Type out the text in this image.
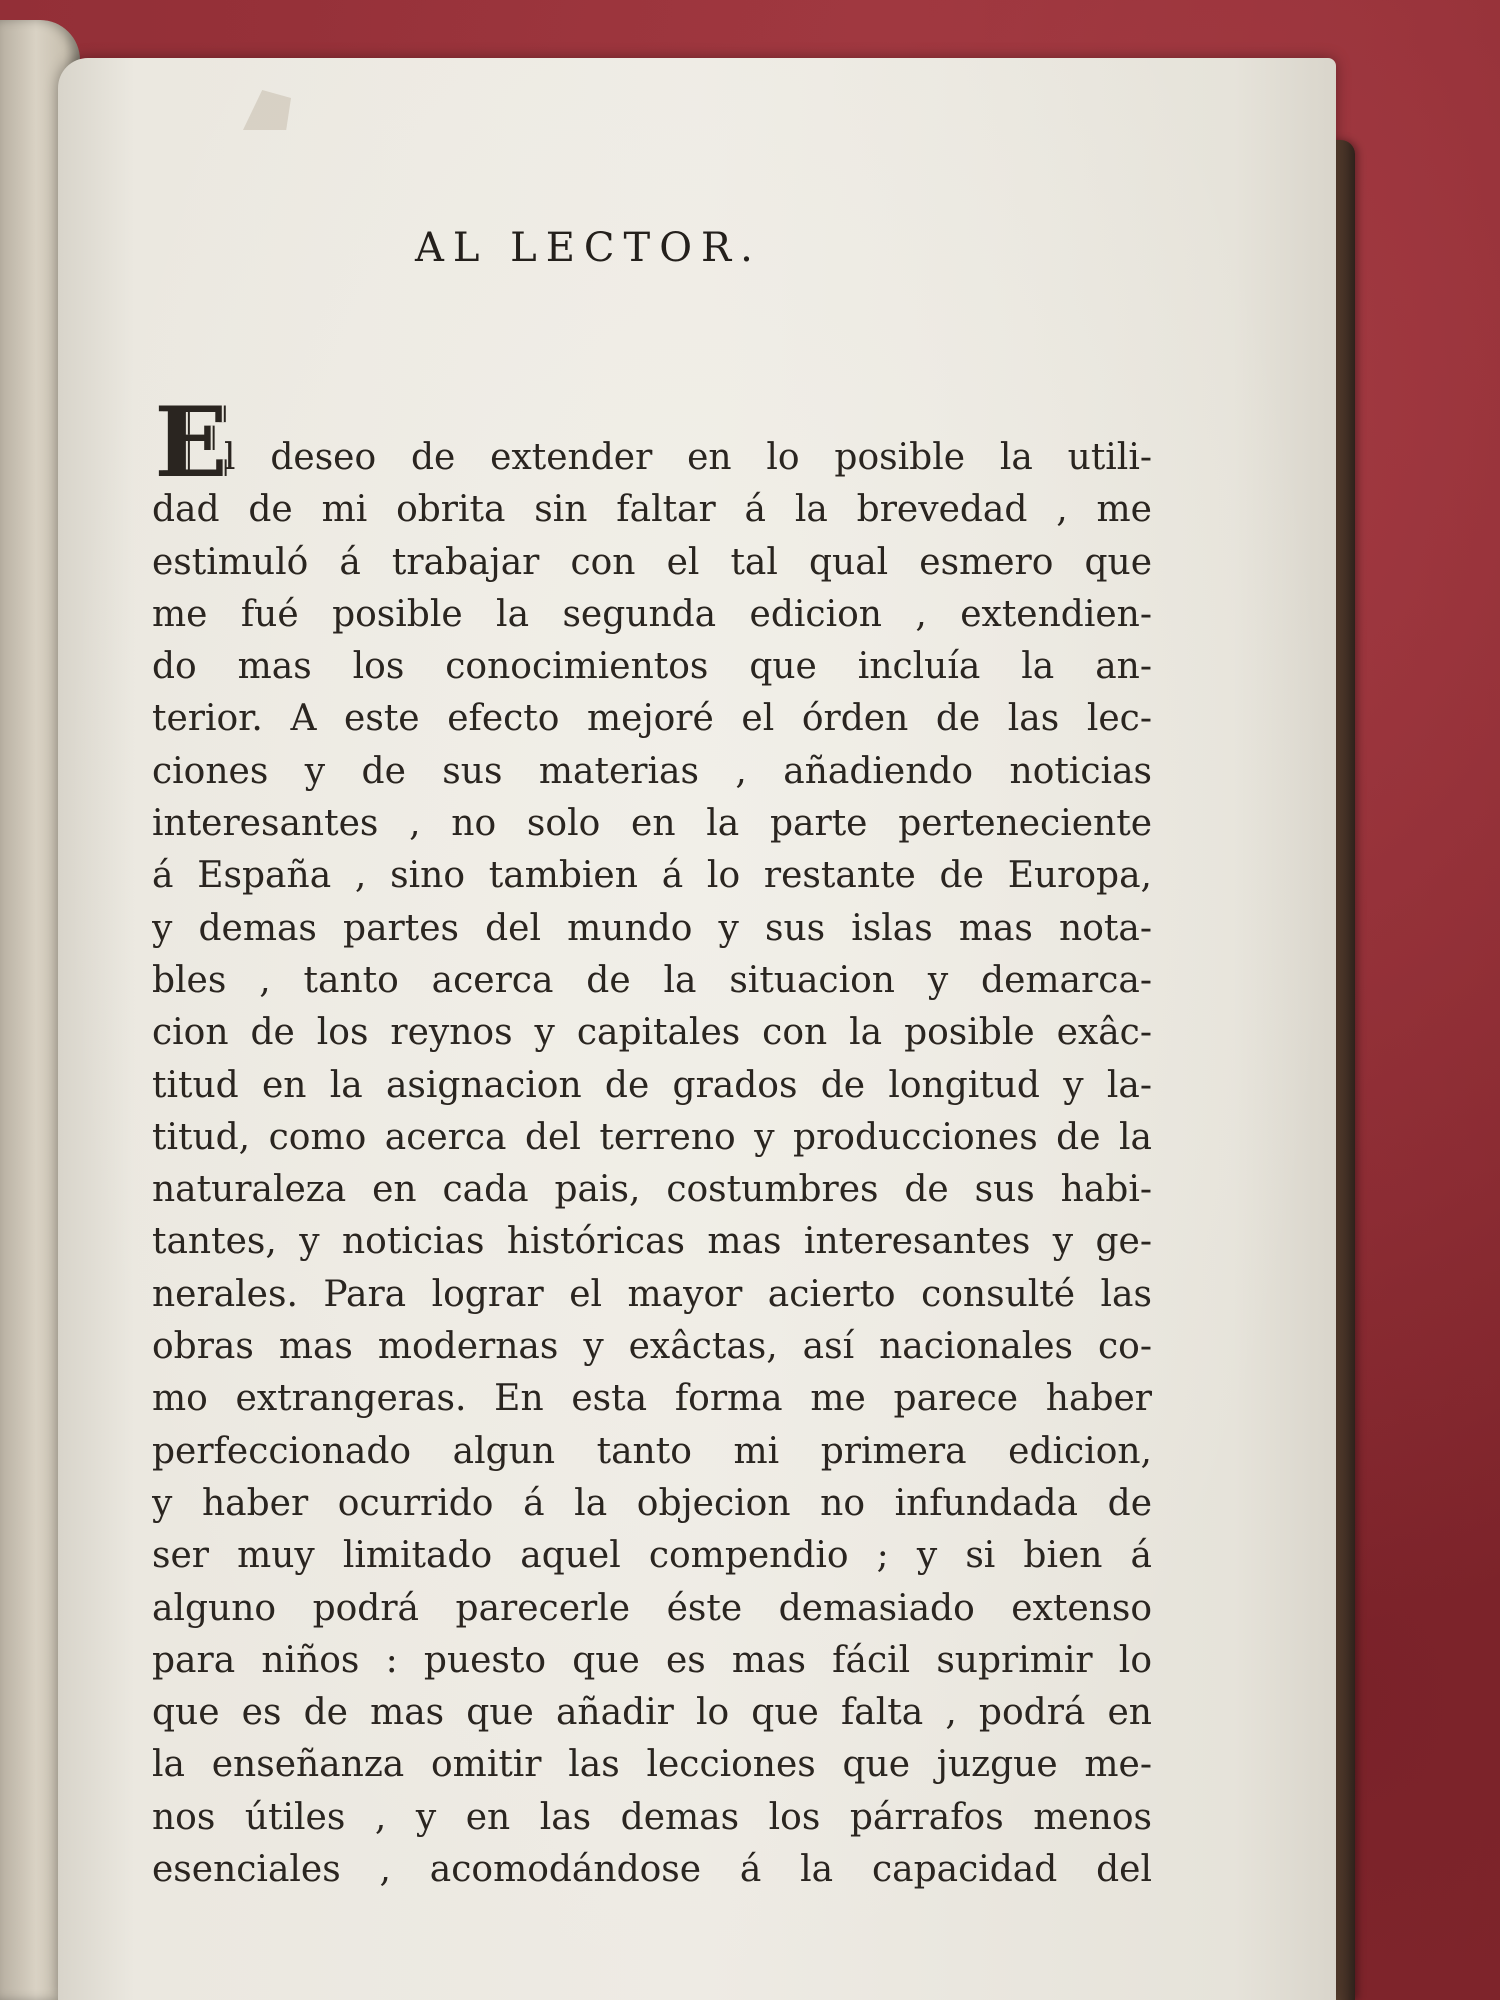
AL LECTOR.
E
l deseo de extender en lo posible la utili-
dad de mi obrita sin faltar á la brevedad , me
estimuló á trabajar con el tal qual esmero que
me fué posible la segunda edicion , extendien-
do mas los conocimientos que incluía la an-
terior. A este efecto mejoré el órden de las lec-
ciones y de sus materias , añadiendo noticias
interesantes , no solo en la parte perteneciente
á España , sino tambien á lo restante de Europa,
y demas partes del mundo y sus islas mas nota-
bles , tanto acerca de la situacion y demarca-
cion de los reynos y capitales con la posible exâc-
titud en la asignacion de grados de longitud y la-
titud, como acerca del terreno y producciones de la
naturaleza en cada pais, costumbres de sus habi-
tantes, y noticias históricas mas interesantes y ge-
nerales. Para lograr el mayor acierto consulté las
obras mas modernas y exâctas, así nacionales co-
mo extrangeras. En esta forma me parece haber
perfeccionado algun tanto mi primera edicion,
y haber ocurrido á la objecion no infundada de
ser muy limitado aquel compendio ; y si bien á
alguno podrá parecerle éste demasiado extenso
para niños : puesto que es mas fácil suprimir lo
que es de mas que añadir lo que falta , podrá en
la enseñanza omitir las lecciones que juzgue me-
nos útiles , y en las demas los párrafos menos
esenciales , acomodándose á la capacidad del
